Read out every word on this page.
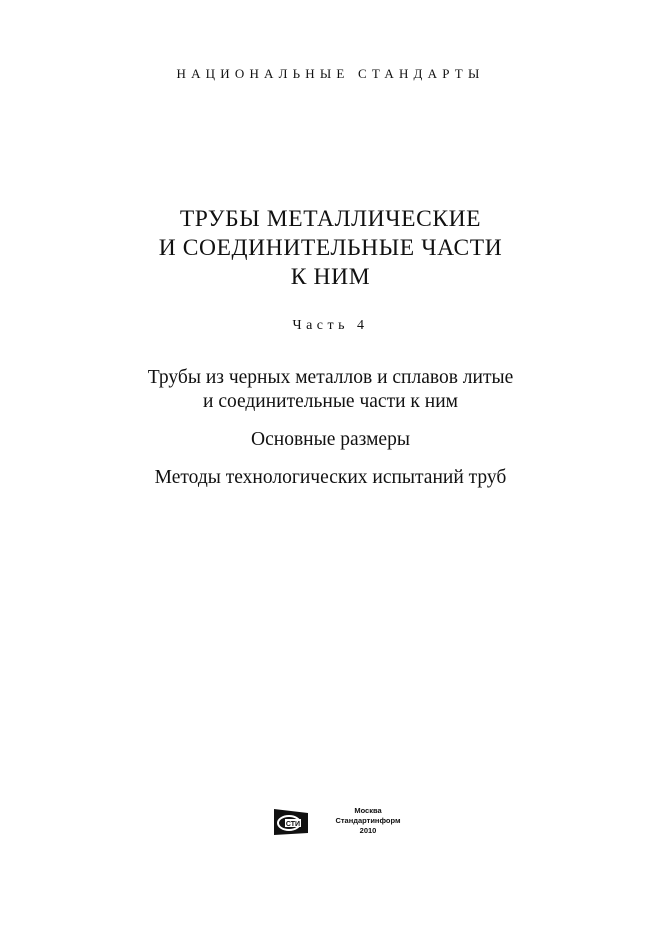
НАЦИОНАЛЬНЫЕ СТАНДАРТЫ
ТРУБЫ МЕТАЛЛИЧЕСКИЕ
И СОЕДИНИТЕЛЬНЫЕ ЧАСТИ
К НИМ
Часть 4
Трубы из черных металлов и сплавов литые
и соединительные части к ним
Основные размеры
Методы технологических испытаний труб
СТИ
Москва
Стандартинформ
2010
